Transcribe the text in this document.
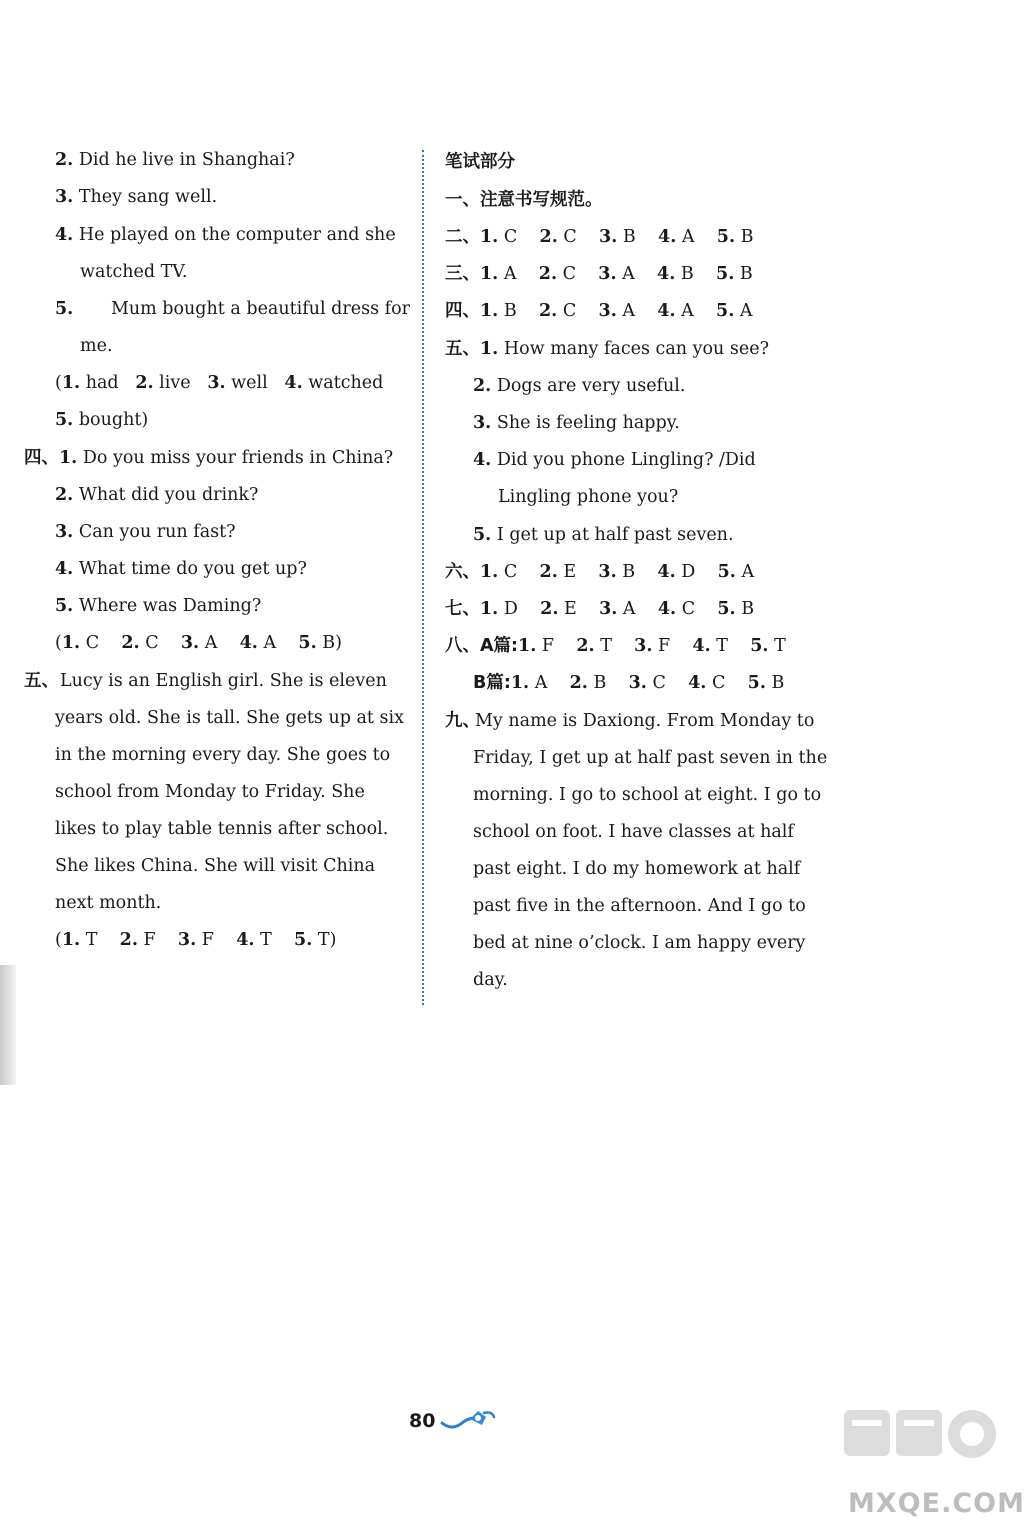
2. Did he live in Shanghai?
3. They sang well.
4. He played on the computer and she
watched TV.
5. Mum bought a beautiful dress for
me.
(1. had 2. live 3. well 4. watched
5. bought)
四、1. Do you miss your friends in China?
2. What did you drink?
3. Can you run fast?
4. What time do you get up?
5. Where was Daming?
(1. C 2. C 3. A 4. A 5. B)
五、 Lucy is an English girl. She is eleven
years old. She is tall. She gets up at six
in the morning every day. She goes to
school from Monday to Friday. She
likes to play table tennis after school.
She likes China. She will visit China
next month.
(1. T 2. F 3. F 4. T 5. T)
笔试部分
一、注意书写规范。
二、1. C 2. C 3. B 4. A 5. B
三、1. A 2. C 3. A 4. B 5. B
四、1. B 2. C 3. A 4. A 5. A
五、1. How many faces can you see?
2. Dogs are very useful.
3. She is feeling happy.
4. Did you phone Lingling? /Did
Lingling phone you?
5. I get up at half past seven.
六、1. C 2. E 3. B 4. D 5. A
七、1. D 2. E 3. A 4. C 5. B
八、A篇:1. F 2. T 3. F 4. T 5. T
B篇:1. A 2. B 3. C 4. C 5. B
九、
My name is Daxiong. From Monday to
Friday, I get up at half past seven in the
morning. I go to school at eight. I go to
school on foot. I have classes at half
past eight. I do my homework at half
past five in the afternoon. And I go to
bed at nine o’clock. I am happy every
day.
80
MXQE.COM
